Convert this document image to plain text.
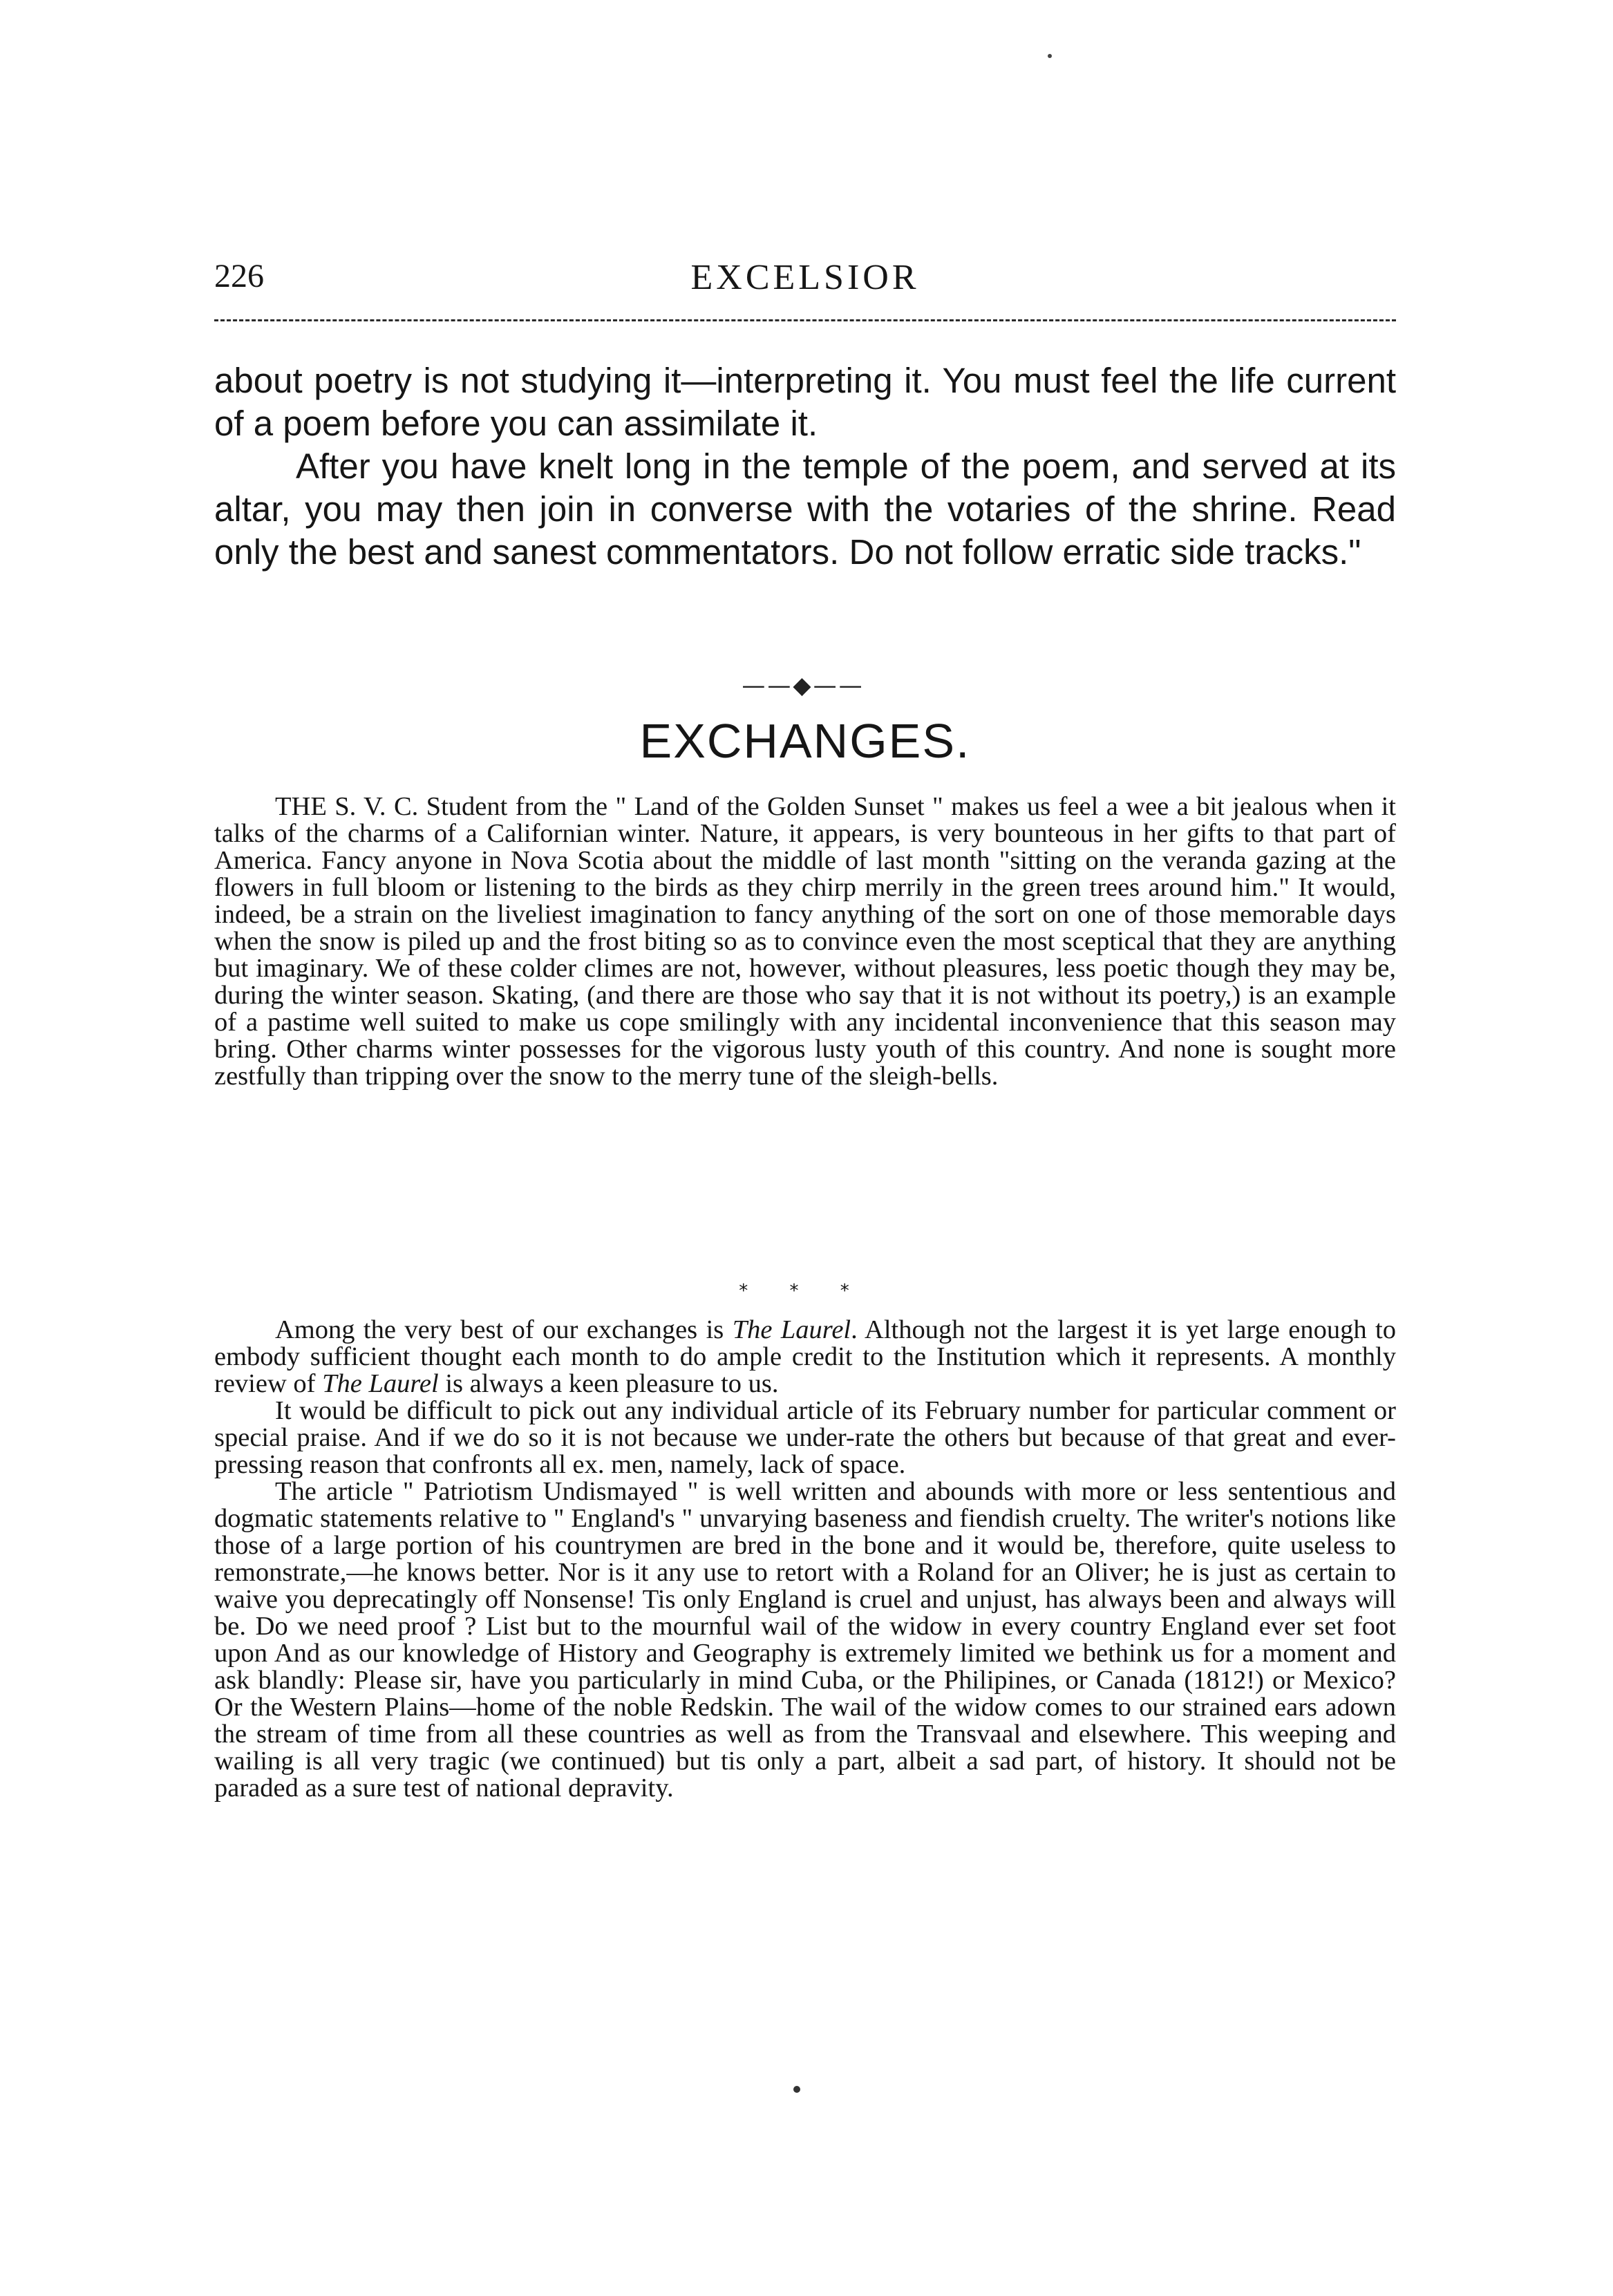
226	EXCELSIOR

about poetry is not studying it—interpreting it. You must feel the life current of a poem before you can assimilate it.

After you have knelt long in the temple of the poem, and served at its altar, you may then join in converse with the votaries of the shrine. Read only the best and sanest commentators. Do not follow erratic side tracks."

——◆——
EXCHANGES.

THE S. V. C. Student from the " Land of the Golden Sunset " makes us feel a wee a bit jealous when it talks of the charms of a Californian winter. Nature, it appears, is very bounteous in her gifts to that part of America. Fancy anyone in Nova Scotia about the middle of last month "sitting on the veranda gazing at the flowers in full bloom or listening to the birds as they chirp merrily in the green trees around him." It would, indeed, be a strain on the liveliest imagination to fancy anything of the sort on one of those memorable days when the snow is piled up and the frost biting so as to convince even the most sceptical that they are anything but imaginary. We of these colder climes are not, however, without pleasures, less poetic though they may be, during the winter season. Skating, (and there are those who say that it is not without its poetry,) is an example of a pastime well suited to make us cope smilingly with any incidental inconvenience that this season may bring. Other charms winter possesses for the vigorous lusty youth of this country. And none is sought more zestfully than tripping over the snow to the merry tune of the sleigh-bells.

* * *

Among the very best of our exchanges is The Laurel. Although not the largest it is yet large enough to embody sufficient thought each month to do ample credit to the Institution which it represents. A monthly review of The Laurel is always a keen pleasure to us.

It would be difficult to pick out any individual article of its February number for particular comment or special praise. And if we do so it is not because we under-rate the others but because of that great and ever-pressing reason that confronts all ex. men, namely, lack of space.

The article " Patriotism Undismayed " is well written and abounds with more or less sententious and dogmatic statements relative to " England's " unvarying baseness and fiendish cruelty. The writer's notions like those of a large portion of his countrymen are bred in the bone and it would be, therefore, quite useless to remonstrate,—he knows better. Nor is it any use to retort with a Roland for an Oliver; he is just as certain to waive you deprecatingly off Nonsense! Tis only England is cruel and unjust, has always been and always will be. Do we need proof ? List but to the mournful wail of the widow in every country England ever set foot upon And as our knowledge of History and Geography is extremely limited we bethink us for a moment and ask blandly: Please sir, have you particularly in mind Cuba, or the Philipines, or Canada (1812!) or Mexico? Or the Western Plains—home of the noble Redskin. The wail of the widow comes to our strained ears adown the stream of time from all these countries as well as from the Transvaal and elsewhere. This weeping and wailing is all very tragic (we continued) but tis only a part, albeit a sad part, of history. It should not be paraded as a sure test of national depravity.
